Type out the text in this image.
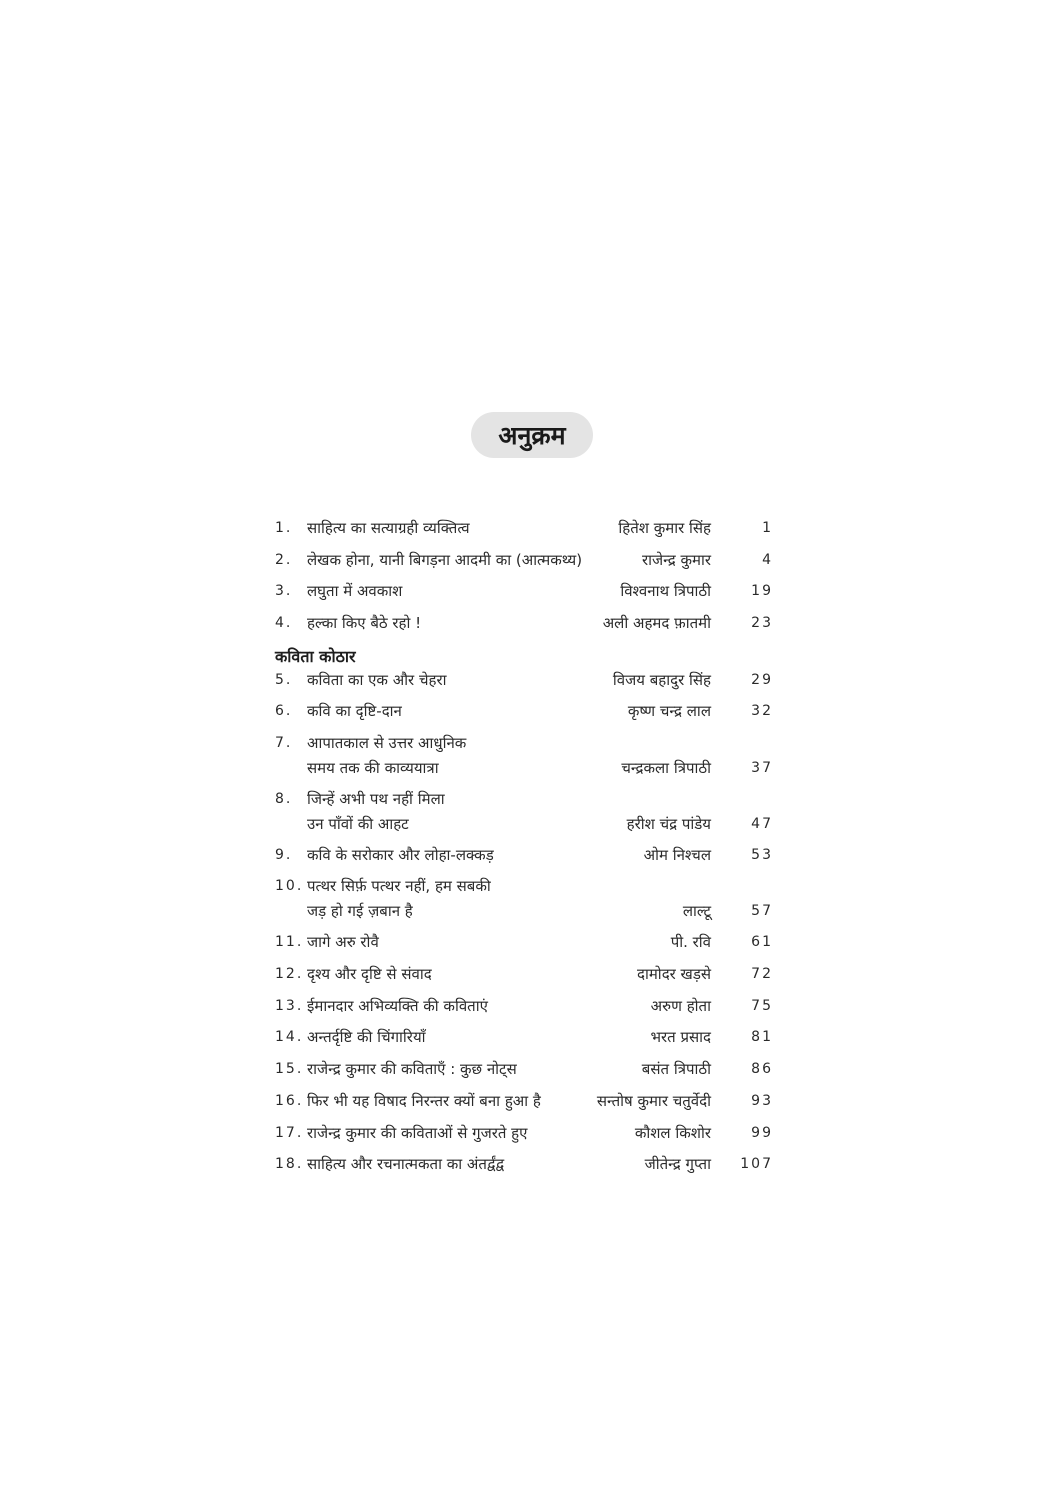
अनुक्रम
कविता कोठार
1. साहित्य का सत्याग्रही व्यक्तित्व	हितेश कुमार सिंह	1
2. लेखक होना, यानी बिगड़ना आदमी का (आत्मकथ्य)	राजेन्द्र कुमार	4
3. लघुता में अवकाश	विश्वनाथ त्रिपाठी	19
4. हल्का किए बैठे रहो !	अली अहमद फ़ातमी	23
5. कविता का एक और चेहरा	विजय बहादुर सिंह	29
6. कवि का दृष्टि-दान	कृष्ण चन्द्र लाल	32
7. आपातकाल से उत्तर आधुनिक
समय तक की काव्ययात्रा	चन्द्रकला त्रिपाठी	37
8. जिन्हें अभी पथ नहीं मिला
उन पाँवों की आहट	हरीश चंद्र पांडेय	47
9. कवि के सरोकार और लोहा-लक्कड़	ओम निश्चल	53
10. पत्थर सिर्फ़ पत्थर नहीं, हम सबकी
जड़ हो गई ज़बान है	लाल्टू	57
11. जागे अरु रोवै	पी. रवि	61
12. दृश्य और दृष्टि से संवाद	दामोदर खड़से	72
13. ईमानदार अभिव्यक्ति की कविताएं	अरुण होता	75
14. अन्तर्दृष्टि की चिंगारियाँ	भरत प्रसाद	81
15. राजेन्द्र कुमार की कविताएँ : कुछ नोट्स	बसंत त्रिपाठी	86
16. फिर भी यह विषाद निरन्तर क्यों बना हुआ है	सन्तोष कुमार चतुर्वेदी	93
17. राजेन्द्र कुमार की कविताओं से गुजरते हुए	कौशल किशोर	99
18. साहित्य और रचनात्मकता का अंतर्द्वंद्व	जीतेन्द्र गुप्ता 107
